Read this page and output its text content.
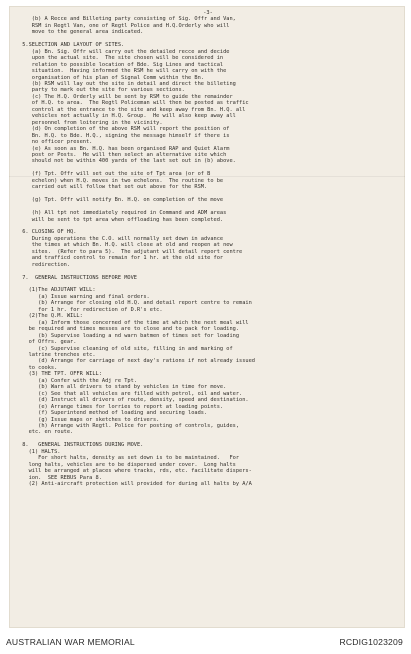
-3-
(b) A Recce and Billeting party consisting of Sig. Offr and Van,
RSM in Regtl Van, one of Regtl Police and H.Q.Orderly who will
move to the general area indicated.

5.SELECTION AND LAYOUT OF SITES.
(a) Bn. Sig. Offr will carry out the detailed recce and decide
upon the actual site.  The site chosen will be considered in
relation to possible location of Bde. Sig Lines and tactical
situation.  Having informed the RSM he will carry on with the
organisation of his plan of Signal Comm within the Bn.
(b) RSM will lay out the site in detail and direct the billeting
party to mark out the site for various sections.
(c) The H.Q. Orderly will be sent by RSM to guide the remainder
of H.Q. to area.  The Regtl Policeman will then be posted as traffic
control at the entrance to the site and keep away from Bn. H.Q. all
vehicles not actually in H.Q. Group.  He will also keep away all
personnel from loitering in the vicinity.
(d) On completion of the above RSM will report the position of
Bn. H.Q. to Bde. H.Q., signing the message himself if there is
no officer present.
(e) As soon as Bn. H.Q. has been organised RAP and Quiet Alarm
post or Posts.  He will then select an alternative site which
should not be within 400 yards of the last set out in (b) above.

(f) Tpt. Offr will set out the site of Tpt area (or of B
echelon) when H.Q. moves in two echelons.  The routine to be
carried out will follow that set out above for the RSM.

(g) Tpt. Offr will notify Bn. H.Q. on completion of the move

(h) All tpt not immediately required in Command and ADM areas
will be sent to tpt area when offloading has been completed.

6. CLOSING OF HQ.
During operations the C.O. will normally set down in advance
the times at which Bn. H.Q. will close at old and reopen at new
sites.  (Refer to para 5).  The adjutant will detail report centre
and trafficd control to remain for 1 hr. at the old site for
redirection.

7.  GENERAL INSTRUCTIONS BEFORE MOVE

(1)The ADJUTANT WILL:
(a) Issue warning and final orders.
(b) Arrange for closing old H.Q. and detail report centre to remain
for 1 hr. for redirection of D.R's etc.
(2)The Q.M. WILL:
(a) Inform those concerned of the time at which the next meal will
be required and times messes are to close and to pack for loading.
(b) Supervise loading a nd warn batmen of times set for loading
of Offrs. gear.
(c) Supervise cleaning of old site, filling in and marking of
latrine trenches etc.
(d) Arrange for carriage of next day's rations if not already issued
to cooks.
(3) THE TPT. OFFR WILL:
(a) Confer with the Adj re Tpt.
(b) Warn all drivers to stand by vehicles in time for move.
(c) See that all vehicles are filled with petrol, oil and water.
(d) Instruct all drivers of route, density, speed and destination.
(e) Arrange times for lorries to report at loading points.
(f) Superintend method of loading and securing loads.
(g) Issue maps or sketches to drivers.
(h) Arrange with Regtl. Police for posting of controls, guides,
etc. en route.

8.   GENERAL INSTRUCTIONS DURING MOVE.
(1) HALTS.
For short halts, density as set down is to be maintained.   For
long halts, vehicles are to be dispersed under cover.  Long halts
will be arranged at places where tracks, rds, etc. facilitate dispers-
ion.  SEE REBUS Para 8.
(2) Anti-aircraft protection will provided for during all halts by A/A
AUSTRALIAN WAR MEMORIAL	RCDIG1023209
